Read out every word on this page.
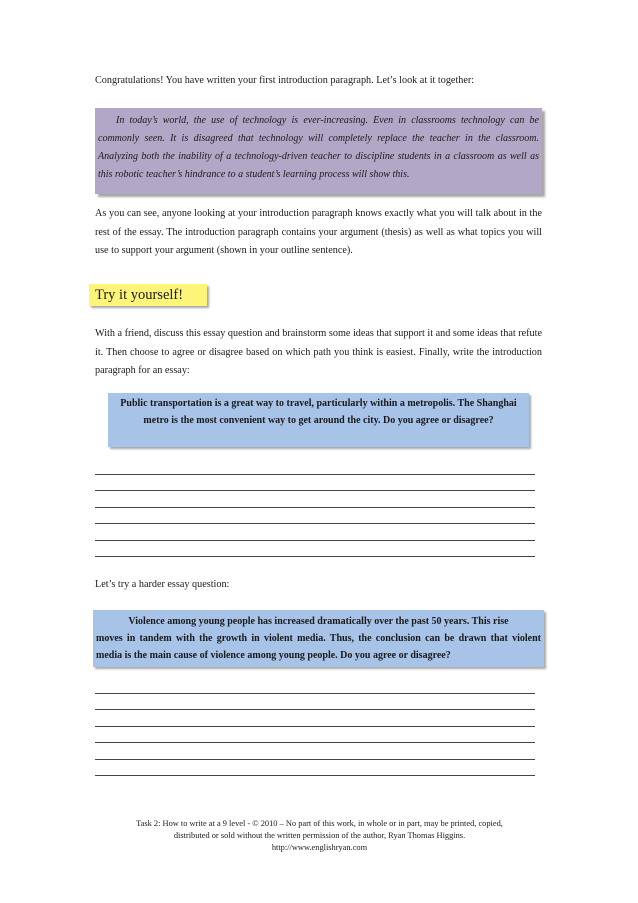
Congratulations! You have written your first introduction paragraph. Let’s look at it together:
In today’s world, the use of technology is ever-increasing. Even in classrooms technology can be commonly seen. It is disagreed that technology will completely replace the teacher in the classroom. Analyzing both the inability of a technology-driven teacher to discipline students in a classroom as well as this robotic teacher’s hindrance to a student’s learning process will show this.

As you can see, anyone looking at your introduction paragraph knows exactly what you will talk about in the rest of the essay. The introduction paragraph contains your argument (thesis) as well as what topics you will use to support your argument (shown in your outline sentence).

Try it yourself!

With a friend, discuss this essay question and brainstorm some ideas that support it and some ideas that refute it. Then choose to agree or disagree based on which path you think is easiest. Finally, write the introduction paragraph for an essay:

Public transportation is a great way to travel, particularly within a metropolis. The Shanghai metro is the most convenient way to get around the city. Do you agree or disagree?

Let’s try a harder essay question:

Violence among young people has increased dramatically over the past 50 years. This rise
moves in tandem with the growth in violent media. Thus, the conclusion can be drawn that violent media is the main cause of violence among young people. Do you agree or disagree?
Task 2: How to write at a 9 level - © 2010 – No part of this work, in whole or in part, may be printed, copied,
distributed or sold without the written permission of the author, Ryan Thomas Higgins.
http://www.englishryan.com
